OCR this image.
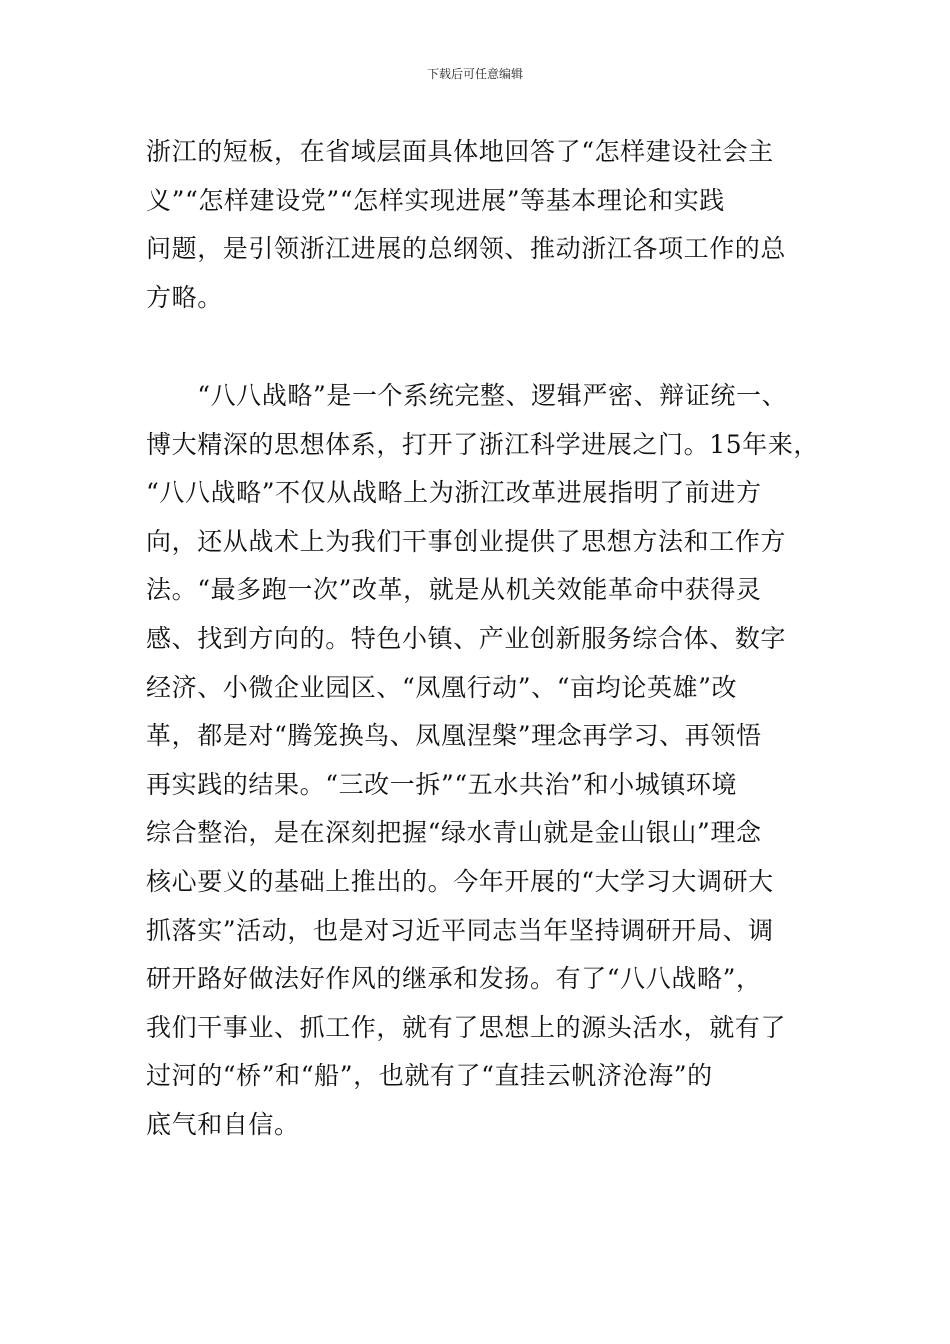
下载后可任意编辑
浙江的短板，在省域层面具体地回答了“怎样建设社会主
义”“怎样建设党”“怎样实现进展”等基本理论和实践
问题，是引领浙江进展的总纲领、推动浙江各项工作的总
方略。
　　“八八战略”是一个系统完整、逻辑严密、辩证统一、
博大精深的思想体系，打开了浙江科学进展之门。15年来，
“八八战略”不仅从战略上为浙江改革进展指明了前进方
向，还从战术上为我们干事创业提供了思想方法和工作方
法。“最多跑一次”改革，就是从机关效能革命中获得灵
感、找到方向的。特色小镇、产业创新服务综合体、数字
经济、小微企业园区、“凤凰行动”、“亩均论英雄”改
革，都是对“腾笼换鸟、凤凰涅槃”理念再学习、再领悟
再实践的结果。“三改一拆”“五水共治”和小城镇环境
综合整治，是在深刻把握“绿水青山就是金山银山”理念
核心要义的基础上推出的。今年开展的“大学习大调研大
抓落实”活动，也是对习近平同志当年坚持调研开局、调
研开路好做法好作风的继承和发扬。有了“八八战略”，
我们干事业、抓工作，就有了思想上的源头活水，就有了
过河的“桥”和“船”，也就有了“直挂云帆济沧海”的
底气和自信。
